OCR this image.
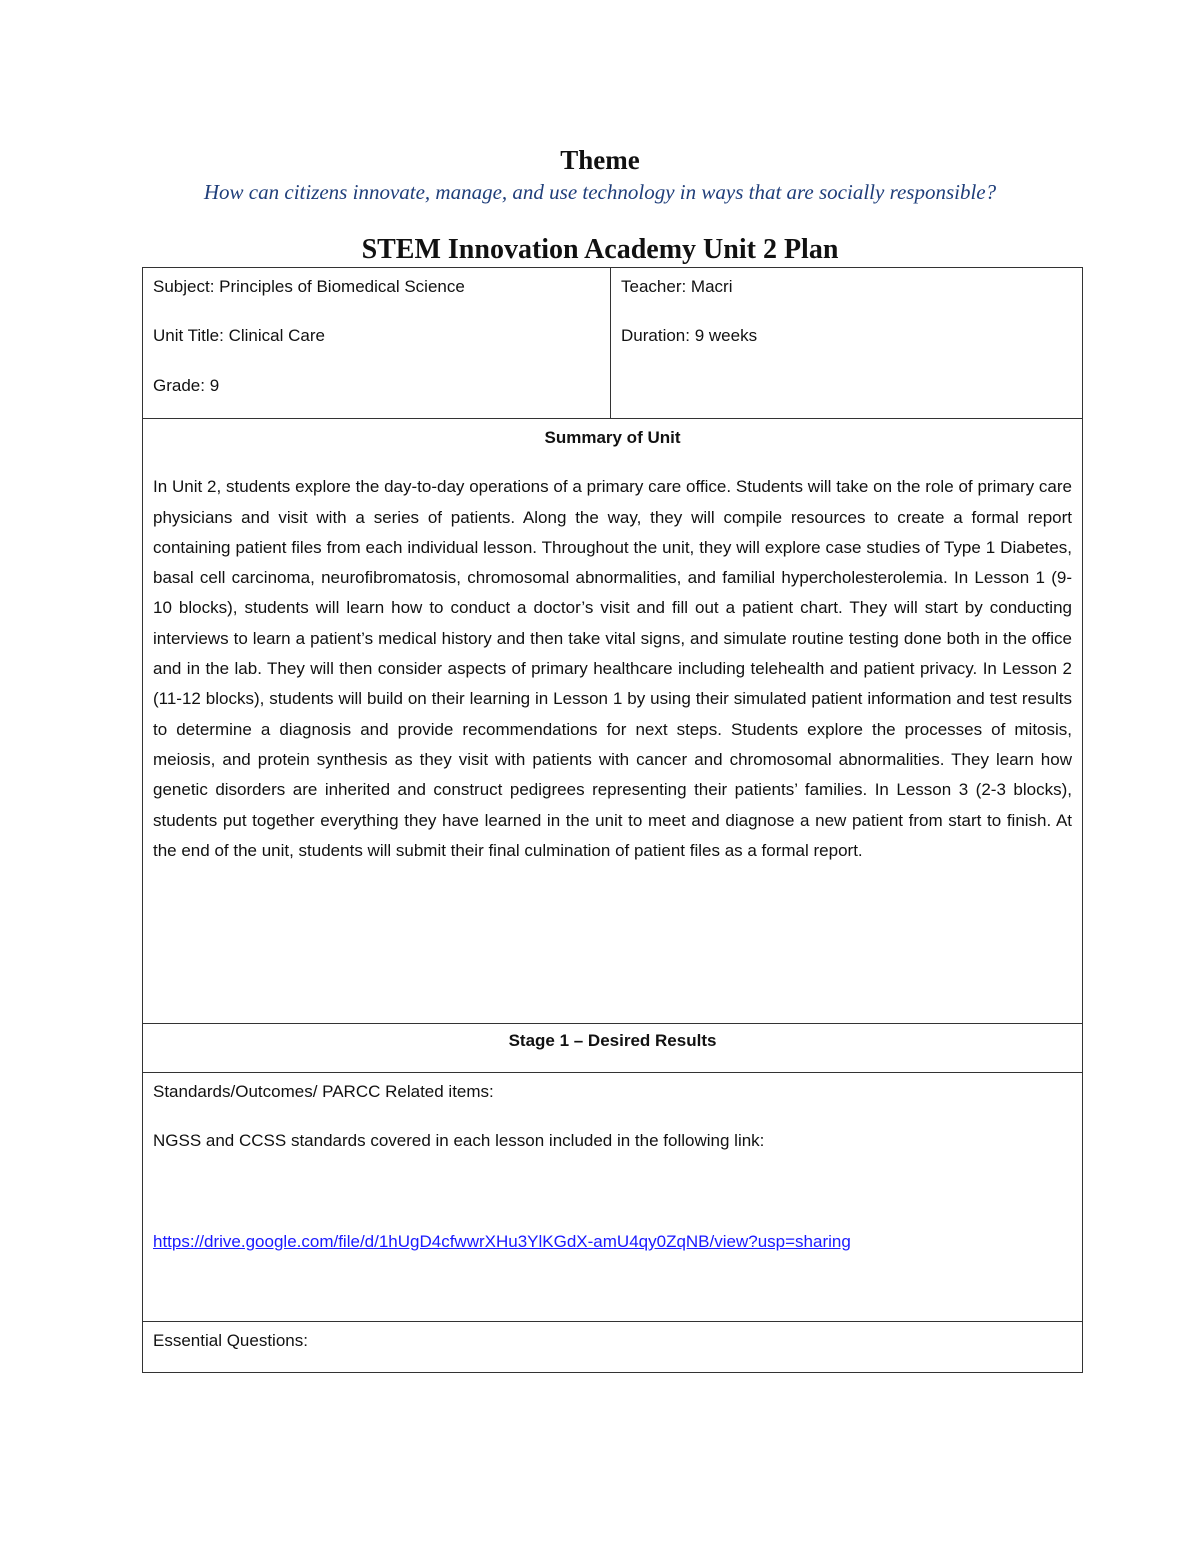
Theme
How can citizens innovate, manage, and use technology in ways that are socially responsible?
STEM Innovation Academy Unit 2 Plan

Subject: Principles of Biomedical Science

Unit Title: Clinical Care

Grade: 9

Teacher: Macri

Duration: 9 weeks

Summary of Unit

In Unit 2, students explore the day-to-day operations of a primary care office. Students will take on the role of primary care physicians and visit with a series of patients. Along the way, they will compile resources to create a formal report containing patient files from each individual lesson. Throughout the unit, they will explore case studies of Type 1 Diabetes, basal cell carcinoma, neurofibromatosis, chromosomal abnormalities, and familial hypercholesterolemia. In Lesson 1 (9-10 blocks), students will learn how to conduct a doctor’s visit and fill out a patient chart. They will start by conducting interviews to learn a patient’s medical history and then take vital signs, and simulate routine testing done both in the office and in the lab. They will then consider aspects of primary healthcare including telehealth and patient privacy. In Lesson 2 (11-12 blocks), students will build on their learning in Lesson 1 by using their simulated patient information and test results to determine a diagnosis and provide recommendations for next steps. Students explore the processes of mitosis, meiosis, and protein synthesis as they visit with patients with cancer and chromosomal abnormalities. They learn how genetic disorders are inherited and construct pedigrees representing their patients’ families. In Lesson 3 (2-3 blocks), students put together everything they have learned in the unit to meet and diagnose a new patient from start to finish. At the end of the unit, students will submit their final culmination of patient files as a formal report.

Stage 1 – Desired Results

Standards/Outcomes/ PARCC Related items:

NGSS and CCSS standards covered in each lesson included in the following link:

https://drive.google.com/file/d/1hUgD4cfwwrXHu3YlKGdX-amU4qy0ZqNB/view?usp=sharing

Essential Questions:
